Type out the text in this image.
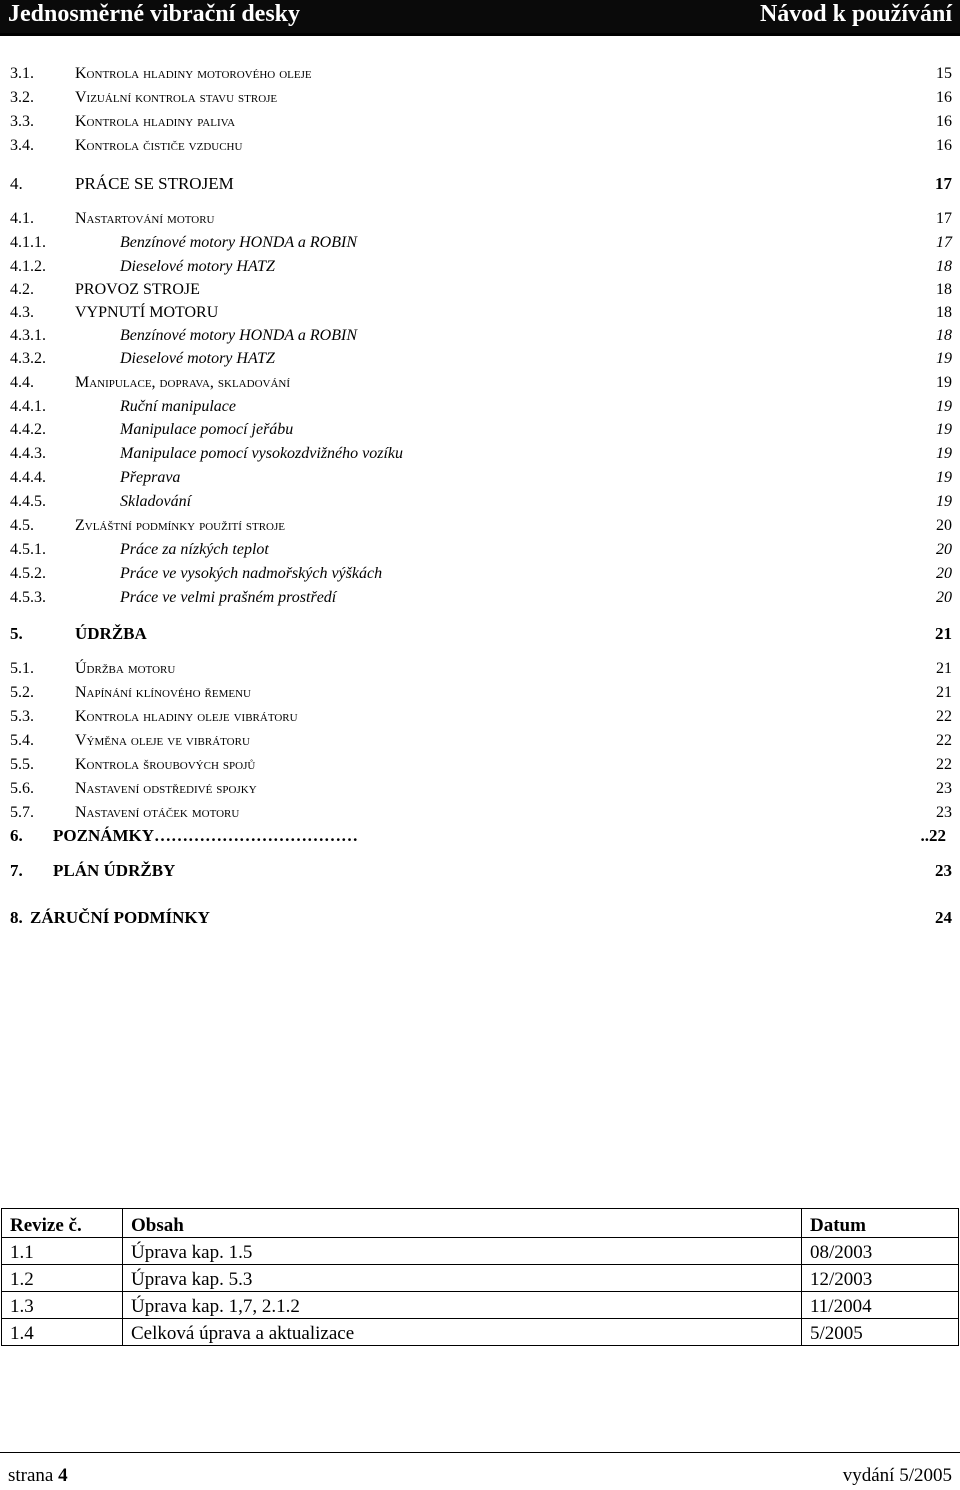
Jednosměrné vibrační desky	Návod k používání
3.1.	Kontrola hladiny motorového oleje	15
3.2.	Vizuální kontrola stavu stroje	16
3.3.	Kontrola hladiny paliva	16
3.4.	Kontrola čističe vzduchu	16
4.	PRÁCE SE STROJEM	17
4.1.	Nastartování motoru	17
4.1.1.	Benzínové motory HONDA a ROBIN	17
4.1.2.	Dieselové motory HATZ	18
4.2.	PROVOZ STROJE	18
4.3.	VYPNUTÍ MOTORU	18
4.3.1.	Benzínové motory HONDA a ROBIN	18
4.3.2.	Dieselové motory HATZ	19
4.4.	Manipulace, doprava, skladování	19
4.4.1.	Ruční manipulace	19
4.4.2.	Manipulace pomocí jeřábu	19
4.4.3.	Manipulace pomocí vysokozdvižného vozíku	19
4.4.4.	Přeprava	19
4.4.5.	Skladování	19
4.5.	Zvláštní podmínky použití stroje	20
4.5.1.	Práce za nízkých teplot	20
4.5.2.	Práce ve vysokých nadmořských výškách	20
4.5.3.	Práce ve velmi prašném prostředí	20
5.	ÚDRŽBA	21
5.1.	Údržba motoru	21
5.2.	Napínání klínového řemenu	21
5.3.	Kontrola hladiny oleje vibrátoru	22
5.4.	Výměna oleje ve vibrátoru	22
5.5.	Kontrola šroubových spojů	22
5.6.	Nastavení odstředivé spojky	23
5.7.	Nastavení otáček motoru	23
6.	POZNÁMKY ………………………………	..22
7.	PLÁN ÚDRŽBY	23
8. ZÁRUČNÍ PODMÍNKY	24
Revize č.	Obsah	Datum
1.1	Úprava kap. 1.5	08/2003
1.2	Úprava kap. 5.3	12/2003
1.3	Úprava kap. 1,7, 2.1.2	11/2004
1.4	Celková úprava a aktualizace	5/2005
strana 4	vydání 5/2005
